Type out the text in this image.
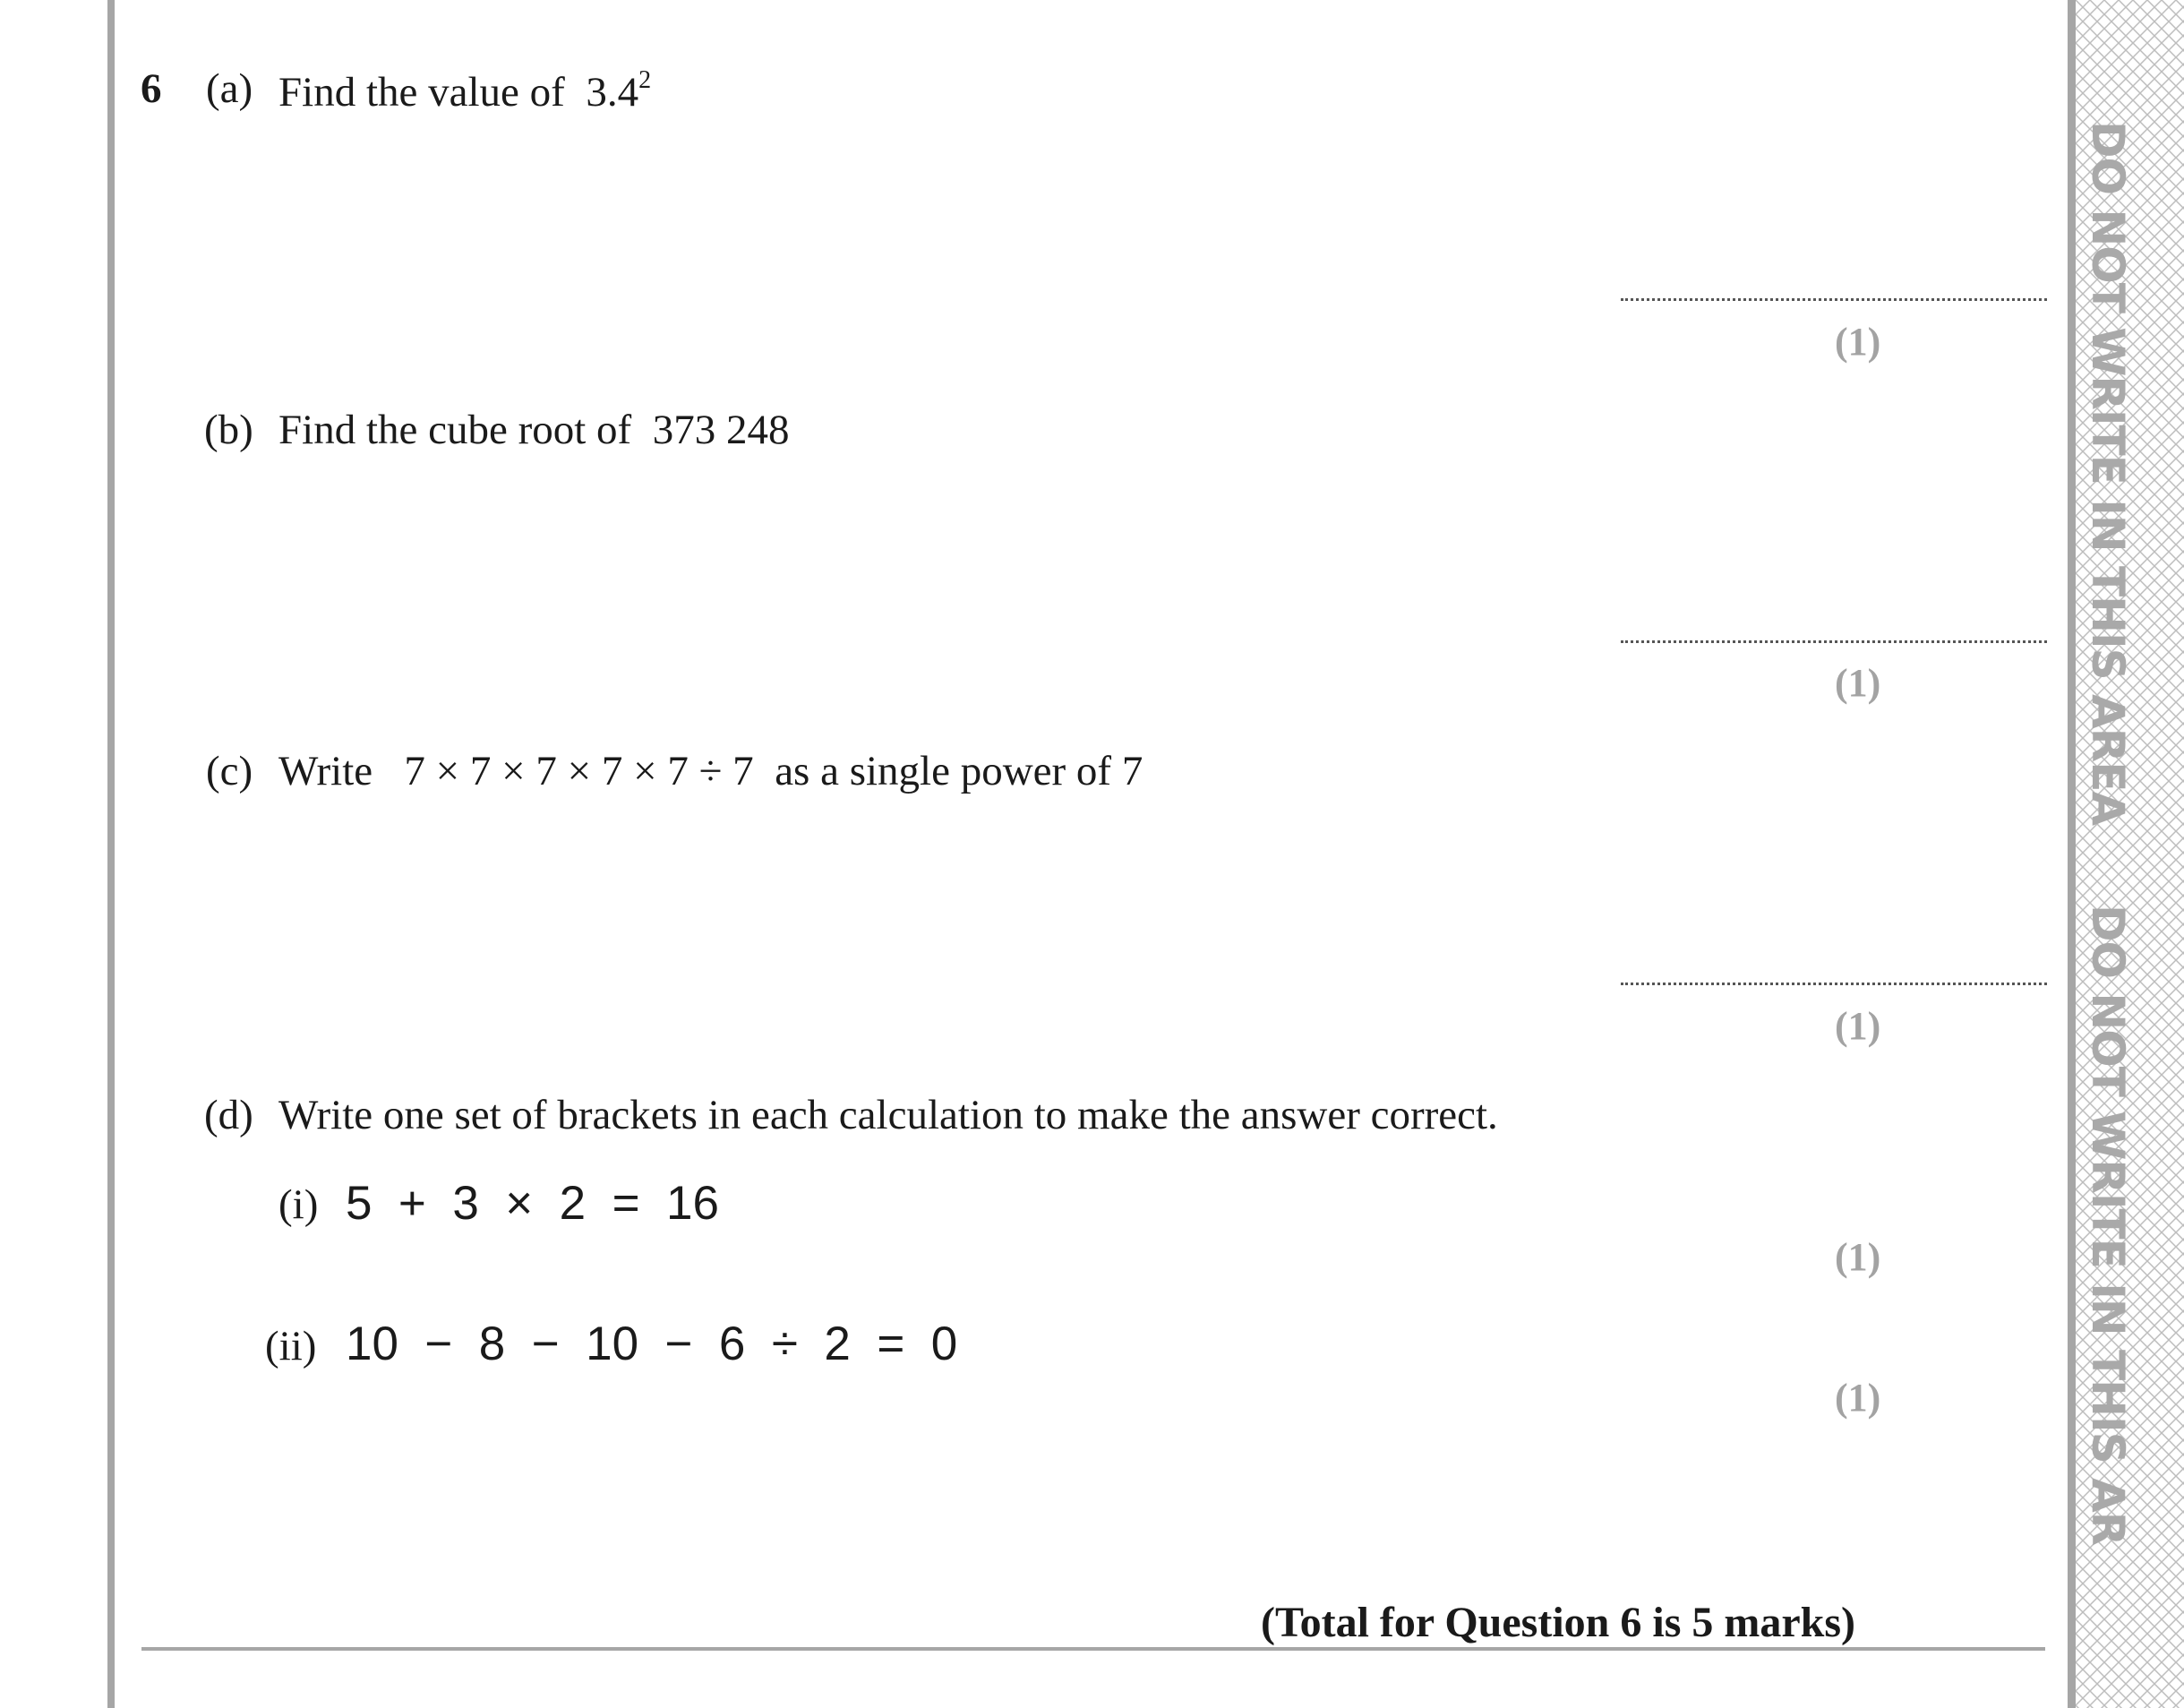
DO NOT WRITE IN THIS AREA
DO NOT WRITE IN THIS AR
6 (a) Find the value of $3.4^2$
(1)
(b) Find the cube root of 373 248
(1)
(c) Write 7 × 7 × 7 × 7 × 7 ÷ 7 as a single power of 7
(1)
(d) Write one set of brackets in each calculation to make the answer correct.
(i) 5  +  3  ×  2  =  16
(1)
(ii) 10  −  8  −  10  −  6  ÷  2  =  0
(1)
(Total for Question 6 is 5 marks)
